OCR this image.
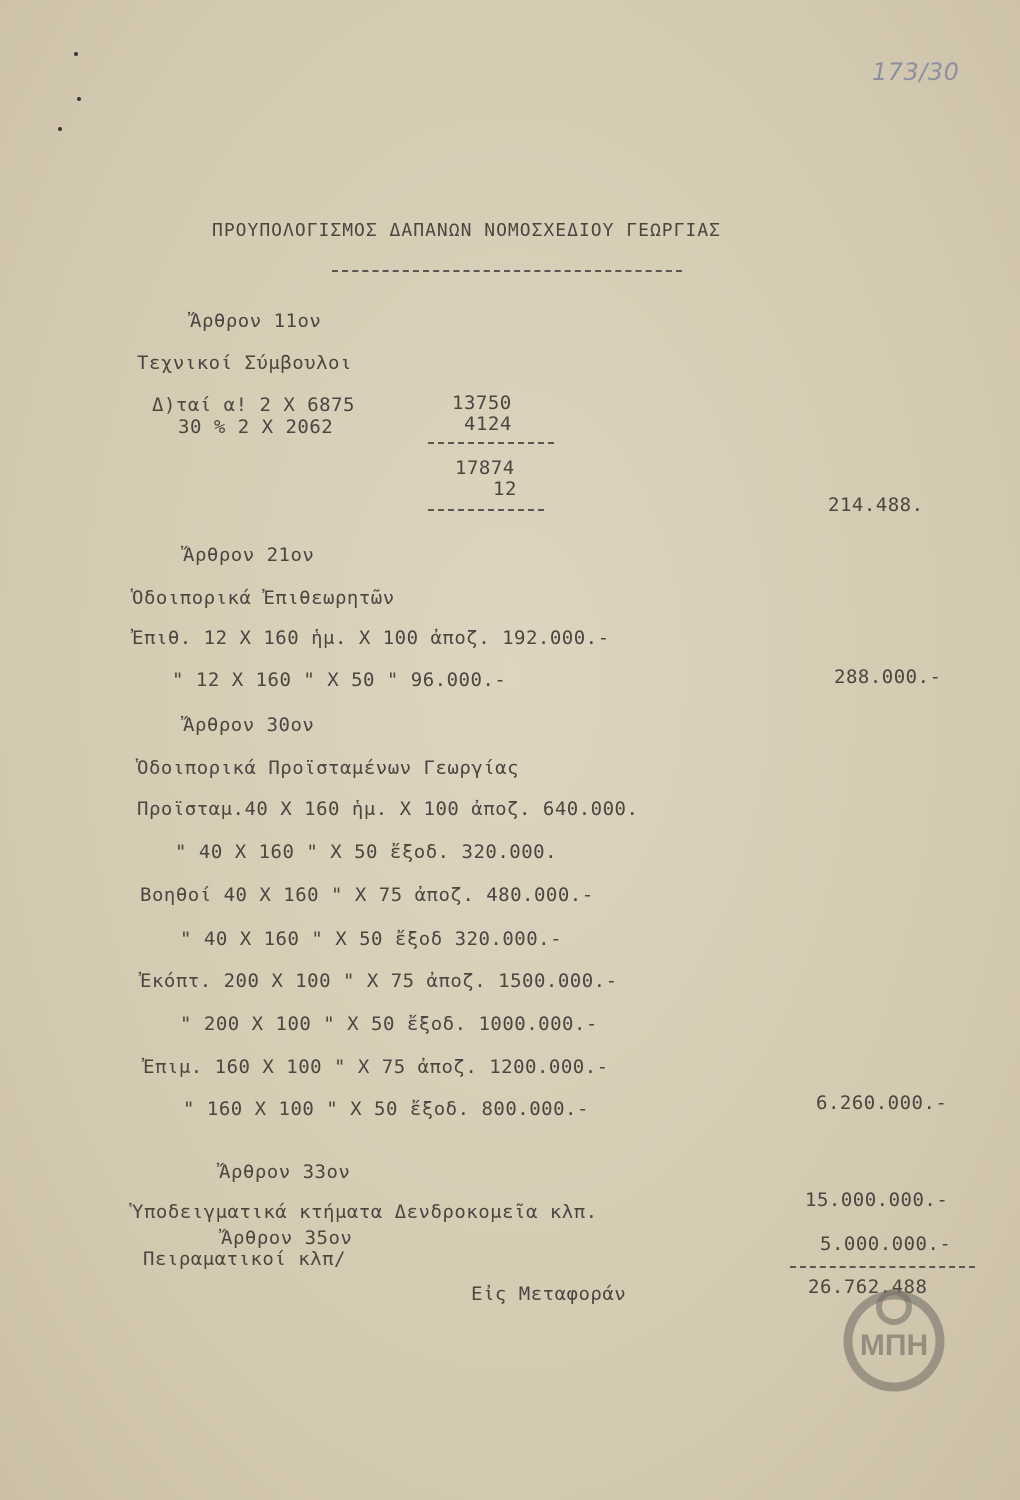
173/30
ΠΡΟΥΠΟΛΟΓΙΣΜΟΣ ΔΑΠΑΝΩΝ ΝΟΜΟΣΧΕΔΙΟΥ ΓΕΩΡΓΙΑΣ
Ἄρθρον 11ον
Τεχνικοί Σύμβουλοι
Δ)ταί α! 2 Χ 6875
30 % 2 Χ 2062
13750
4124
17874
12
214.488.
Ἄρθρον 21ον
Ὁδοιπορικά Ἐπιθεωρητῶν
Ἐπιθ. 12 Χ 160 ἡμ. Χ 100 ἀποζ. 192.000.-
" 12 Χ 160 " Χ 50 " 96.000.-	288.000.-
Ἄρθρον 30ον
Ὁδοιπορικά Προϊσταμένων Γεωργίας
Προϊσταμ.40 Χ 160 ἡμ. Χ 100 ἀποζ. 640.000.
" 40 Χ 160 " Χ 50 ἔξοδ. 320.000.
Βοηθοί 40 Χ 160 " Χ 75 ἀποζ. 480.000.-
" 40 Χ 160 " Χ 50 ἔξοδ 320.000.-
Ἐκόπτ. 200 Χ 100 " Χ 75 ἀποζ. 1500.000.-
" 200 Χ 100 " Χ 50 ἔξοδ. 1000.000.-
Ἐπιμ. 160 Χ 100 " Χ 75 ἀποζ. 1200.000.-
" 160 Χ 100 " Χ 50 ἔξοδ. 800.000.-	6.260.000.-
Ἄρθρον 33ον
Ὑποδειγματικά κτήματα Δενδροκομεῖα κλπ.
15.000.000.-
Ἄρθρον 35ον
Πειραματικοί κλπ/
5.000.000.-
Εἰς Μεταφοράν	26.762.488
ΜΠΗ
